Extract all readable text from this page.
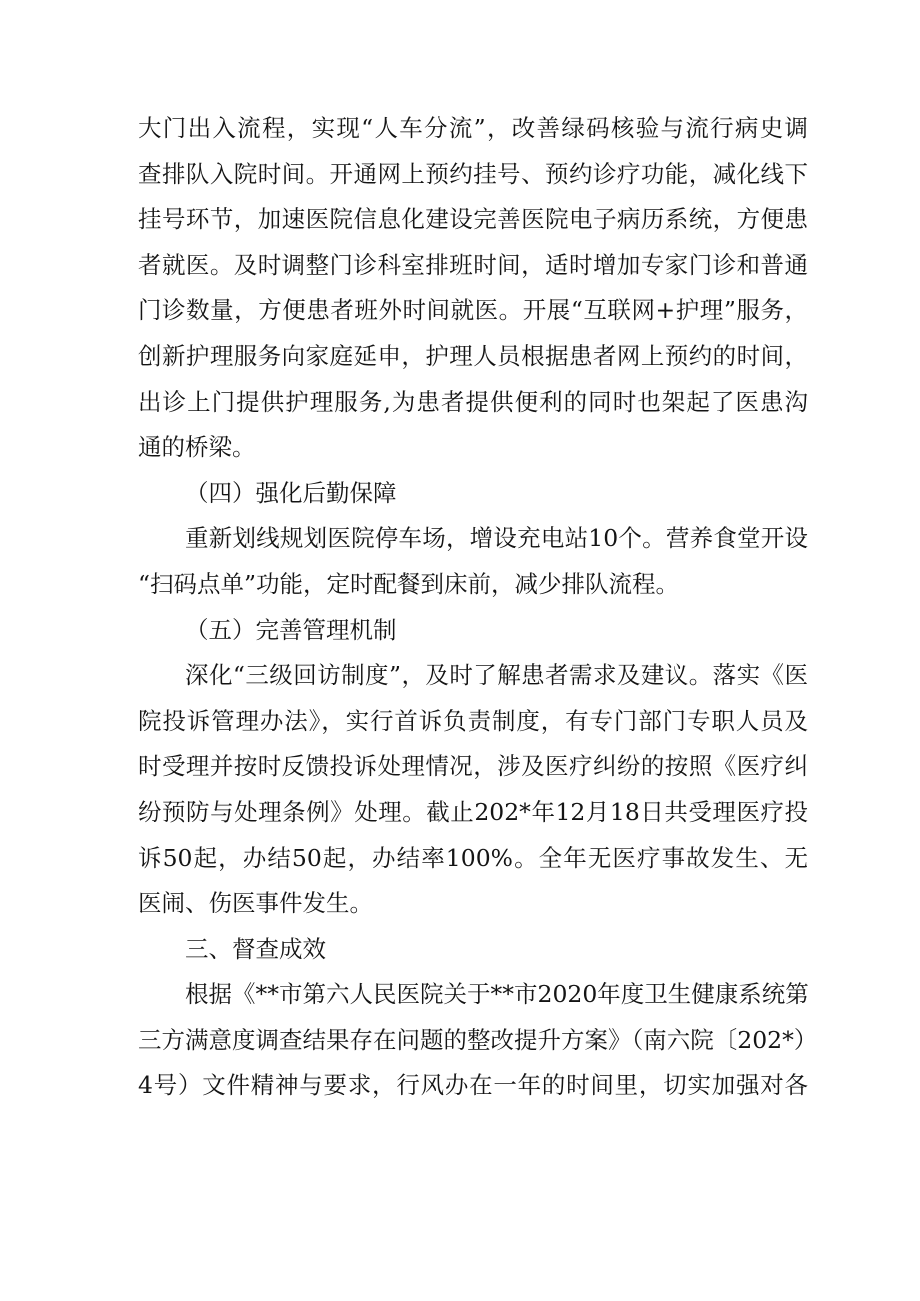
大门出入流程，实现“人车分流”，改善绿码核验与流行病史调
查排队入院时间。开通网上预约挂号、预约诊疗功能，减化线下
挂号环节，加速医院信息化建设完善医院电子病历系统，方便患
者就医。及时调整门诊科室排班时间，适时增加专家门诊和普通
门诊数量，方便患者班外时间就医。开展“互联网+护理”服务，
创新护理服务向家庭延申，护理人员根据患者网上预约的时间，
出诊上门提供护理服务,为患者提供便利的同时也架起了医患沟
通的桥梁。
（四）强化后勤保障
重新划线规划医院停车场，增设充电站10个。营养食堂开设
“扫码点单”功能，定时配餐到床前，减少排队流程。
（五）完善管理机制
深化“三级回访制度”，及时了解患者需求及建议。落实《医
院投诉管理办法》，实行首诉负责制度，有专门部门专职人员及
时受理并按时反馈投诉处理情况，涉及医疗纠纷的按照《医疗纠
纷预防与处理条例》处理。截止202*年12月18日共受理医疗投
诉50起，办结50起，办结率100%。全年无医疗事故发生、无
医闹、伤医事件发生。
三、督查成效
根据《**市第六人民医院关于**市2020年度卫生健康系统第
三方满意度调查结果存在问题的整改提升方案》（南六院〔202*）
4号）文件精神与要求，行风办在一年的时间里，切实加强对各
